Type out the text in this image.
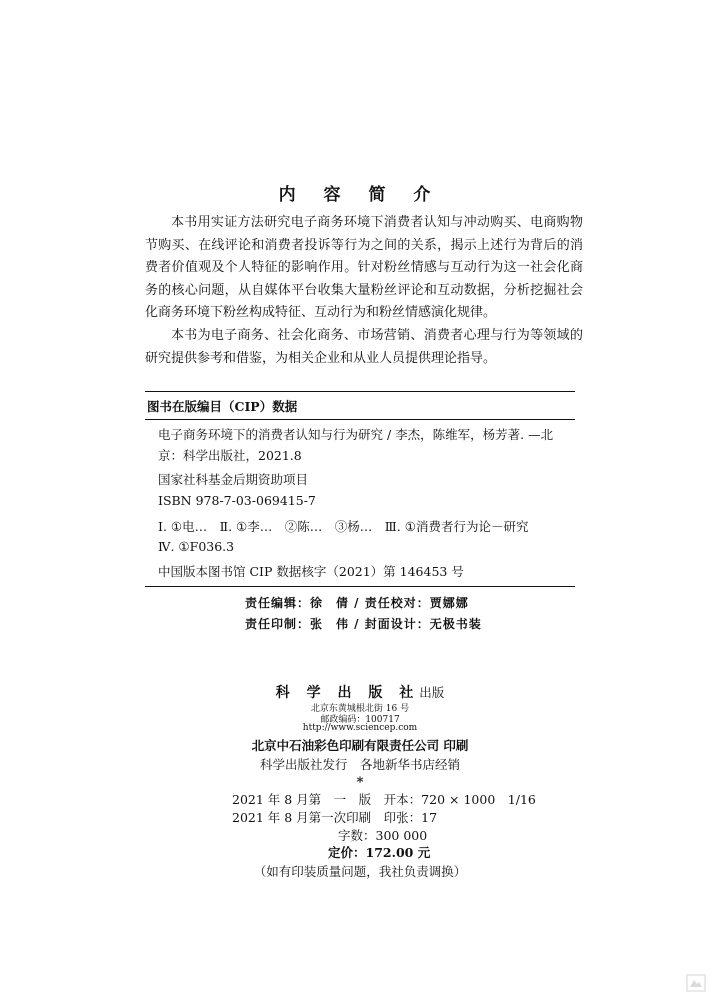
内 容 简 介

本书用实证方法研究电子商务环境下消费者认知与冲动购买、电商购物节购买、在线评论和消费者投诉等行为之间的关系，揭示上述行为背后的消费者价值观及个人特征的影响作用。针对粉丝情感与互动行为这一社会化商务的核心问题，从自媒体平台收集大量粉丝评论和互动数据，分析挖掘社会化商务环境下粉丝构成特征、互动行为和粉丝情感演化规律。

本书为电子商务、社会化商务、市场营销、消费者心理与行为等领域的研究提供参考和借鉴，为相关企业和从业人员提供理论指导。

图书在版编目（CIP）数据
电子商务环境下的消费者认知与行为研究 / 李杰，陈维军，杨芳著. —北
京：科学出版社，2021.8
国家社科基金后期资助项目
ISBN 978-7-03-069415-7
Ⅰ. ①电…　Ⅱ. ①李…　②陈…　③杨…　Ⅲ. ①消费者行为论－研究
Ⅳ. ①F036.3
中国版本图书馆 CIP 数据核字（2021）第 146453 号
责任编辑：徐　倩 / 责任校对：贾娜娜
责任印制：张　伟 / 封面设计：无极书装
科 学 出 版 社出版
北京东黄城根北街 16 号
邮政编码：100717
http://www.sciencep.com
北京中石油彩色印刷有限责任公司 印刷
科学出版社发行　各地新华书店经销
*
2021 年 8 月第　一　版　开本：720 × 1000　1/16
2021 年 8 月第一次印刷　印张：17
字数：300 000
定价：172.00 元
（如有印装质量问题，我社负责调换）
